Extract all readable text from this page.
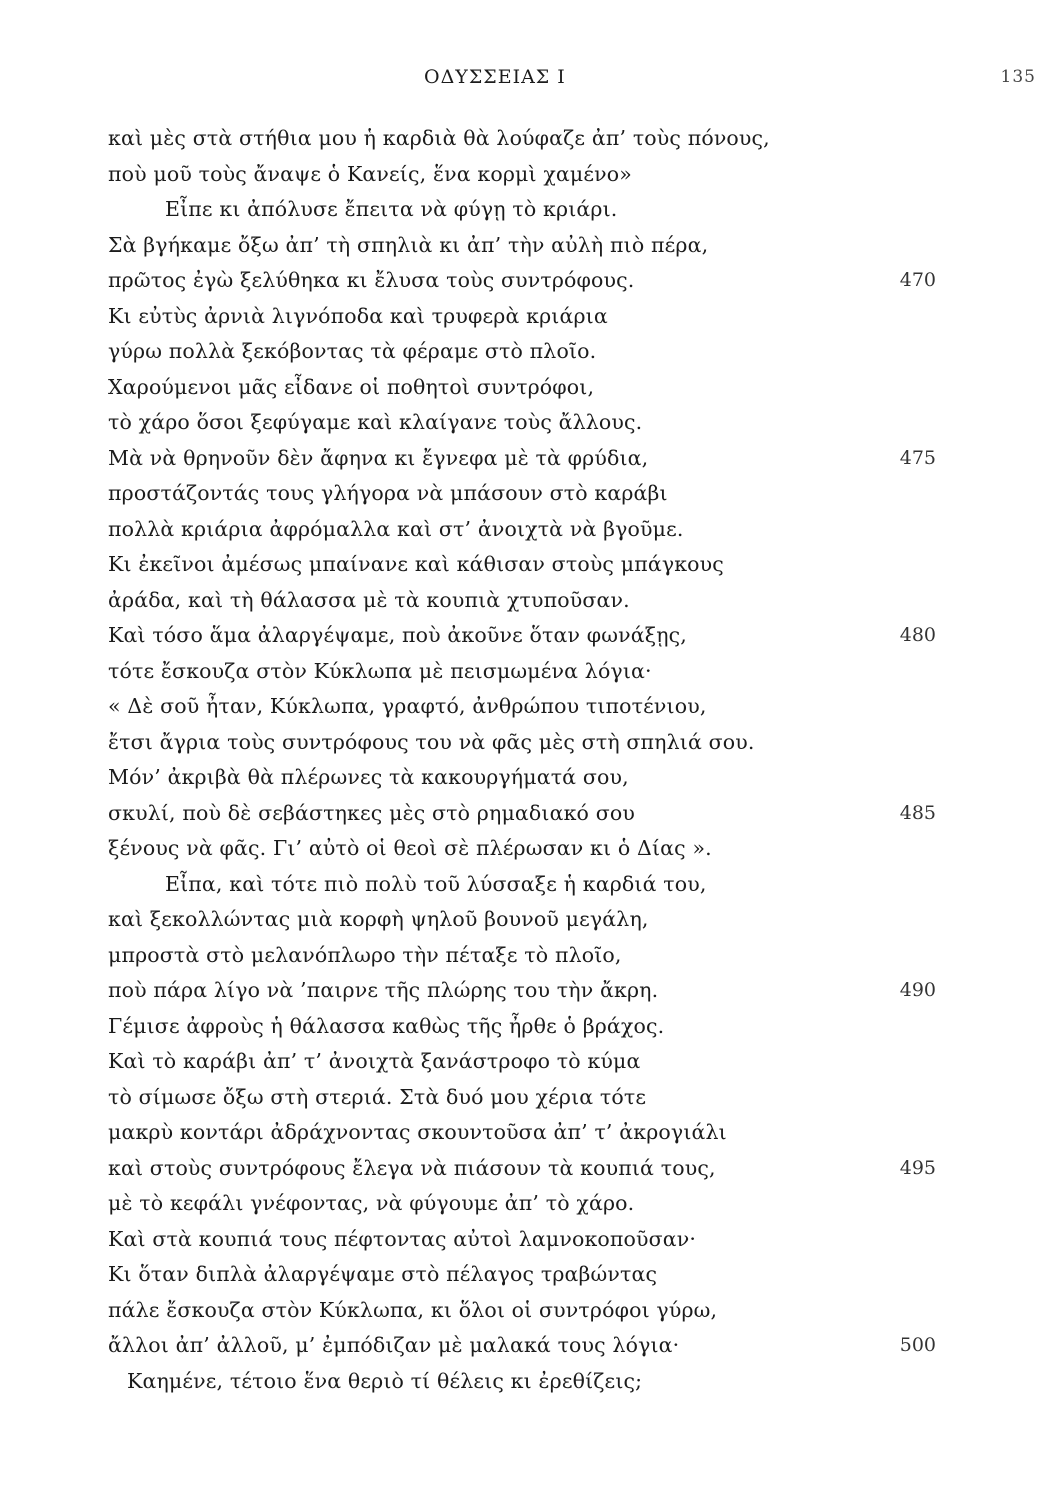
ΟΔΥΣΣΕΙΑΣ Ι	135
καὶ μὲς στὰ στήθια μου ἡ καρδιὰ θὰ λούφαζε ἀπ’ τοὺς πόνους,
ποὺ μοῦ τοὺς ἄναψε ὁ Κανείς, ἕνα κορμὶ χαμένο»
Εἶπε κι ἀπόλυσε ἔπειτα νὰ φύγῃ τὸ κριάρι.
Σὰ βγήκαμε ὄξω ἀπ’ τὴ σπηλιὰ κι ἀπ’ τὴν αὐλὴ πιὸ πέρα,
πρῶτος ἐγὼ ξελύθηκα κι ἔλυσα τοὺς συντρόφους.	470
Κι εὐτὺς ἀρνιὰ λιγνόποδα καὶ τρυφερὰ κριάρια
γύρω πολλὰ ξεκόβοντας τὰ φέραμε στὸ πλοῖο.
Χαρούμενοι μᾶς εἶδανε οἱ ποθητοὶ συντρόφοι,
τὸ χάρο ὅσοι ξεφύγαμε καὶ κλαίγανε τοὺς ἄλλους.
Μὰ νὰ θρηνοῦν δὲν ἄφηνα κι ἔγνεφα μὲ τὰ φρύδια,	475
προστάζοντάς τους γλήγορα νὰ μπάσουν στὸ καράβι
πολλὰ κριάρια ἀφρόμαλλα καὶ στ’ ἀνοιχτὰ νὰ βγοῦμε.
Κι ἐκεῖνοι ἀμέσως μπαίνανε καὶ κάθισαν στοὺς μπάγκους
ἀράδα, καὶ τὴ θάλασσα μὲ τὰ κουπιὰ χτυποῦσαν.
Καὶ τόσο ἅμα ἀλαργέψαμε, ποὺ ἀκοῦνε ὅταν φωνάξῃς,	480
τότε ἔσκουζα στὸν Κύκλωπα μὲ πεισμωμένα λόγια·
« Δὲ σοῦ ἦταν, Κύκλωπα, γραφτό, ἀνθρώπου τιποτένιου,
ἔτσι ἄγρια τοὺς συντρόφους του νὰ φᾶς μὲς στὴ σπηλιά σου.
Μόν’ ἀκριβὰ θὰ πλέρωνες τὰ κακουργήματά σου,
σκυλί, ποὺ δὲ σεβάστηκες μὲς στὸ ρημαδιακό σου	485
ξένους νὰ φᾶς. Γι’ αὐτὸ οἱ θεοὶ σὲ πλέρωσαν κι ὁ Δίας ».
Εἶπα, καὶ τότε πιὸ πολὺ τοῦ λύσσαξε ἡ καρδιά του,
καὶ ξεκολλώντας μιὰ κορφὴ ψηλοῦ βουνοῦ μεγάλη,
μπροστὰ στὸ μελανόπλωρο τὴν πέταξε τὸ πλοῖο,
ποὺ πάρα λίγο νὰ ’παιρνε τῆς πλώρης του τὴν ἄκρη.	490
Γέμισε ἀφροὺς ἡ θάλασσα καθὼς τῆς ἦρθε ὁ βράχος.
Καὶ τὸ καράβι ἀπ’ τ’ ἀνοιχτὰ ξανάστροφο τὸ κύμα
τὸ σίμωσε ὄξω στὴ στεριά. Στὰ δυό μου χέρια τότε
μακρὺ κοντάρι ἀδράχνοντας σκουντοῦσα ἀπ’ τ’ ἀκρογιάλι
καὶ στοὺς συντρόφους ἔλεγα νὰ πιάσουν τὰ κουπιά τους,	495
μὲ τὸ κεφάλι γνέφοντας, νὰ φύγουμε ἀπ’ τὸ χάρο.
Καὶ στὰ κουπιά τους πέφτοντας αὐτοὶ λαμνοκοποῦσαν·
Κι ὅταν διπλὰ ἀλαργέψαμε στὸ πέλαγος τραβώντας
πάλε ἔσκουζα στὸν Κύκλωπα, κι ὅλοι οἱ συντρόφοι γύρω,
ἄλλοι ἀπ’ ἀλλοῦ, μ’ ἐμπόδιζαν μὲ μαλακά τους λόγια·	500
Καημένε, τέτοιο ἕνα θεριὸ τί θέλεις κι ἐρεθίζεις;
